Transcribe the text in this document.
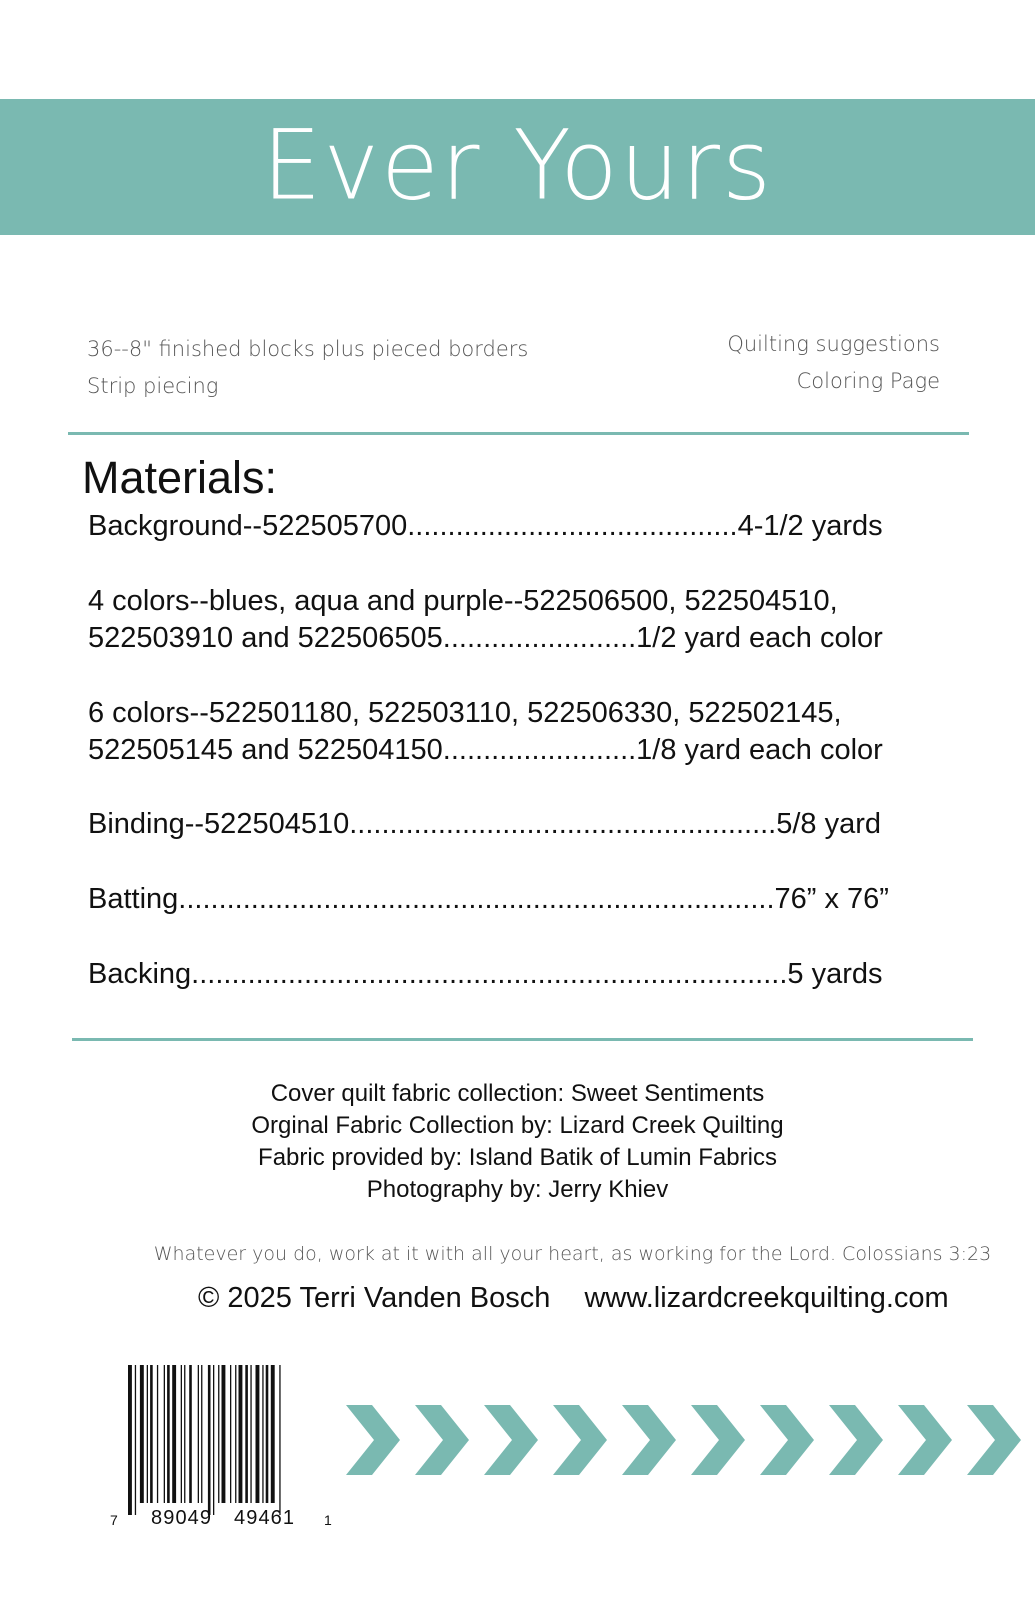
Ever Yours
36--8" finished blocks plus pieced borders
Strip piecing
Quilting suggestions
Coloring Page
Materials:
Background--522505700.........................................4-1/2 yards
4 colors--blues, aqua and purple--522506500, 522504510,
522503910 and 522506505........................1/2 yard each color
6 colors--522501180, 522503110, 522506330, 522502145,
522505145 and 522504150........................1/8 yard each color
Binding--522504510.....................................................5/8 yard
Batting..........................................................................76” x 76”
Backing..........................................................................5 yards
Cover quilt fabric collection: Sweet Sentiments
Orginal Fabric Collection by: Lizard Creek Quilting
Fabric provided by: Island Batik of Lumin Fabrics
Photography by: Jerry Khiev
Whatever you do, work at it with all your heart, as working for the Lord. Colossians 3:23
© 2025 Terri Vanden Bosch www.lizardcreekquilting.com
7 89049 49461 1
